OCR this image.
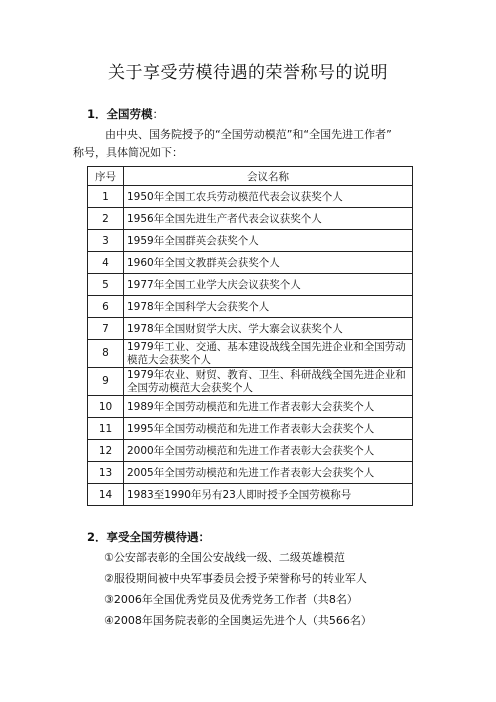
关于享受劳模待遇的荣誉称号的说明
1．全国劳模：
由中央、国务院授予的“全国劳动模范”和“全国先进工作者”
称号，具体简况如下：
序号	会议名称
1	1950年全国工农兵劳动模范代表会议获奖个人
2	1956年全国先进生产者代表会议获奖个人
3	1959年全国群英会获奖个人
4	1960年全国文教群英会获奖个人
5	1977年全国工业学大庆会议获奖个人
6	1978年全国科学大会获奖个人
7	1978年全国财贸学大庆、学大寨会议获奖个人
8	1979年工业、交通、基本建设战线全国先进企业和全国劳动模范大会获奖个人
9	1979年农业、财贸、教育、卫生、科研战线全国先进企业和全国劳动模范大会获奖个人
10	1989年全国劳动模范和先进工作者表彰大会获奖个人
11	1995年全国劳动模范和先进工作者表彰大会获奖个人
12	2000年全国劳动模范和先进工作者表彰大会获奖个人
13	2005年全国劳动模范和先进工作者表彰大会获奖个人
14	1983至1990年另有23人即时授予全国劳模称号
2．享受全国劳模待遇：
①公安部表彰的全国公安战线一级、二级英雄模范
②服役期间被中央军事委员会授予荣誉称号的转业军人
③2006年全国优秀党员及优秀党务工作者（共8名）
④2008年国务院表彰的全国奥运先进个人（共566名）
